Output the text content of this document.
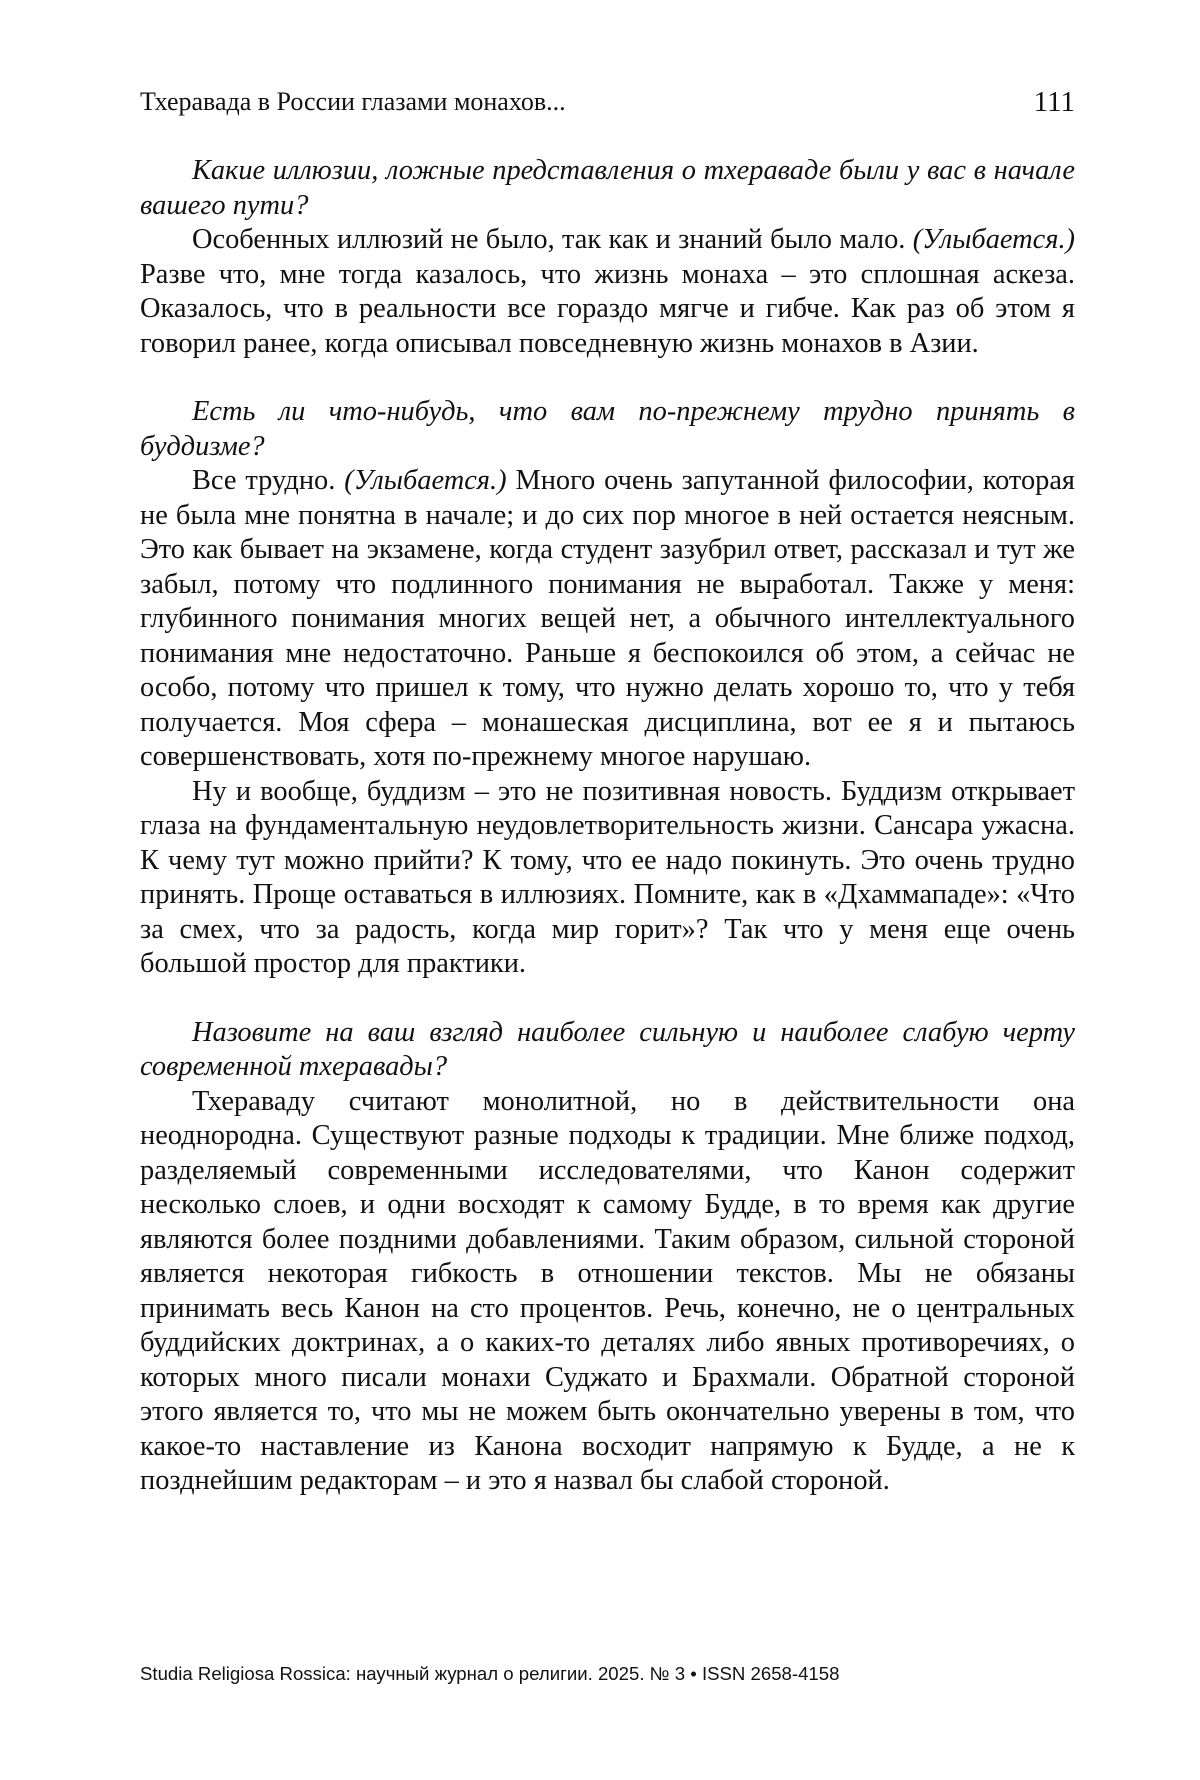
Тхеравада в России глазами монахов...	111

Какие иллюзии, ложные представления о тхераваде были у вас в начале вашего пути?

Особенных иллюзий не было, так как и знаний было мало. (Улыбается.) Разве что, мне тогда казалось, что жизнь монаха – это сплошная аскеза. Оказалось, что в реальности все гораздо мягче и гибче. Как раз об этом я говорил ранее, когда описывал повседневную жизнь монахов в Азии.

Есть ли что-нибудь, что вам по-прежнему трудно принять в буддизме?

Все трудно. (Улыбается.) Много очень запутанной философии, которая не была мне понятна в начале; и до сих пор многое в ней остается неясным. Это как бывает на экзамене, когда студент зазубрил ответ, рассказал и тут же забыл, потому что подлинного понимания не выработал. Также у меня: глубинного понимания многих вещей нет, а обычного интеллектуального понимания мне недостаточно. Раньше я беспокоился об этом, а сейчас не особо, потому что пришел к тому, что нужно делать хорошо то, что у тебя получается. Моя сфера – монашеская дисциплина, вот ее я и пытаюсь совершенствовать, хотя по-прежнему многое нарушаю.

Ну и вообще, буддизм – это не позитивная новость. Буддизм открывает глаза на фундаментальную неудовлетворительность жизни. Сансара ужасна. К чему тут можно прийти? К тому, что ее надо покинуть. Это очень трудно принять. Проще оставаться в иллюзиях. Помните, как в «Дхаммападе»: «Что за смех, что за радость, когда мир горит»? Так что у меня еще очень большой простор для практики.

Назовите на ваш взгляд наиболее сильную и наиболее слабую черту современной тхеравады?

Тхераваду считают монолитной, но в действительности она неоднородна. Существуют разные подходы к традиции. Мне ближе подход, разделяемый современными исследователями, что Канон содержит несколько слоев, и одни восходят к самому Будде, в то время как другие являются более поздними добавлениями. Таким образом, сильной стороной является некоторая гибкость в отношении текстов. Мы не обязаны принимать весь Канон на сто процентов. Речь, конечно, не о центральных буддийских доктринах, а о каких-то деталях либо явных противоречиях, о которых много писали монахи Суджато и Брахмали. Обратной стороной этого является то, что мы не можем быть окончательно уверены в том, что какое-то наставление из Канона восходит напрямую к Будде, а не к позднейшим редакторам – и это я назвал бы слабой стороной.

Studia Religiosa Rossica: научный журнал о религии. 2025. № 3 • ISSN 2658-4158
